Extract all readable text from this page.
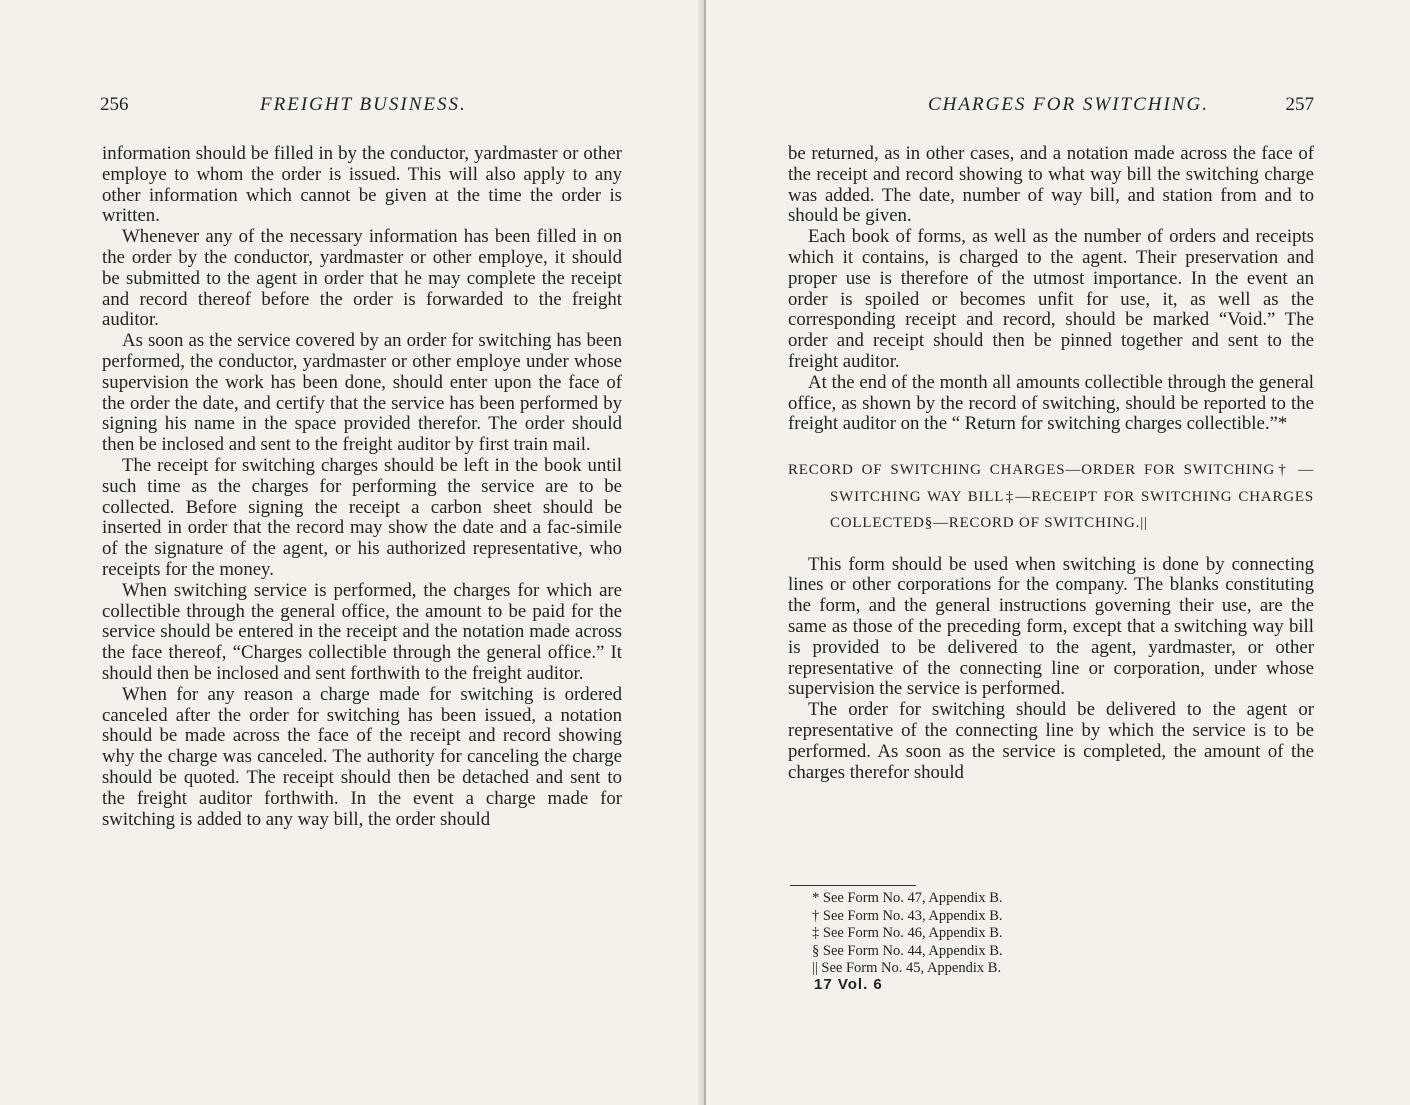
256	FREIGHT BUSINESS.

information should be filled in by the conductor, yardmaster or other employe to whom the order is issued. This will also apply to any other information which cannot be given at the time the order is written.

Whenever any of the necessary information has been filled in on the order by the conductor, yardmaster or other employe, it should be submitted to the agent in order that he may complete the receipt and record thereof before the order is forwarded to the freight auditor.

As soon as the service covered by an order for switching has been performed, the conductor, yardmaster or other employe under whose supervision the work has been done, should enter upon the face of the order the date, and certify that the service has been performed by signing his name in the space provided therefor. The order should then be inclosed and sent to the freight auditor by first train mail.

The receipt for switching charges should be left in the book until such time as the charges for performing the service are to be collected. Before signing the receipt a carbon sheet should be inserted in order that the record may show the date and a fac-simile of the signature of the agent, or his authorized representative, who receipts for the money.

When switching service is performed, the charges for which are collectible through the general office, the amount to be paid for the service should be entered in the receipt and the notation made across the face thereof, “Charges collectible through the general office.” It should then be inclosed and sent forthwith to the freight auditor.

When for any reason a charge made for switching is ordered canceled after the order for switching has been issued, a notation should be made across the face of the receipt and record showing why the charge was canceled. The authority for canceling the charge should be quoted. The receipt should then be detached and sent to the freight auditor forthwith. In the event a charge made for switching is added to any way bill, the order should

CHARGES FOR SWITCHING.	257

be returned, as in other cases, and a notation made across the face of the receipt and record showing to what way bill the switching charge was added. The date, number of way bill, and station from and to should be given.

Each book of forms, as well as the number of orders and receipts which it contains, is charged to the agent. Their preservation and proper use is therefore of the utmost importance. In the event an order is spoiled or becomes unfit for use, it, as well as the corresponding receipt and record, should be marked “Void.” The order and receipt should then be pinned together and sent to the freight auditor.

At the end of the month all amounts collectible through the general office, as shown by the record of switching, should be reported to the freight auditor on the “ Return for switching charges collectible.”*

RECORD OF SWITCHING CHARGES—ORDER FOR SWITCHING† — SWITCHING WAY BILL‡—RECEIPT FOR SWITCHING CHARGES COLLECTED§—RECORD OF SWITCHING.||

This form should be used when switching is done by connecting lines or other corporations for the company. The blanks constituting the form, and the general instructions governing their use, are the same as those of the preceding form, except that a switching way bill is provided to be delivered to the agent, yardmaster, or other representative of the connecting line or corporation, under whose supervision the service is performed.

The order for switching should be delivered to the agent or representative of the connecting line by which the service is to be performed. As soon as the service is completed, the amount of the charges therefor should

* See Form No. 47, Appendix B.
† See Form No. 43, Appendix B.
‡ See Form No. 46, Appendix B.
§ See Form No. 44, Appendix B.
|| See Form No. 45, Appendix B.
17 Vol. 6
